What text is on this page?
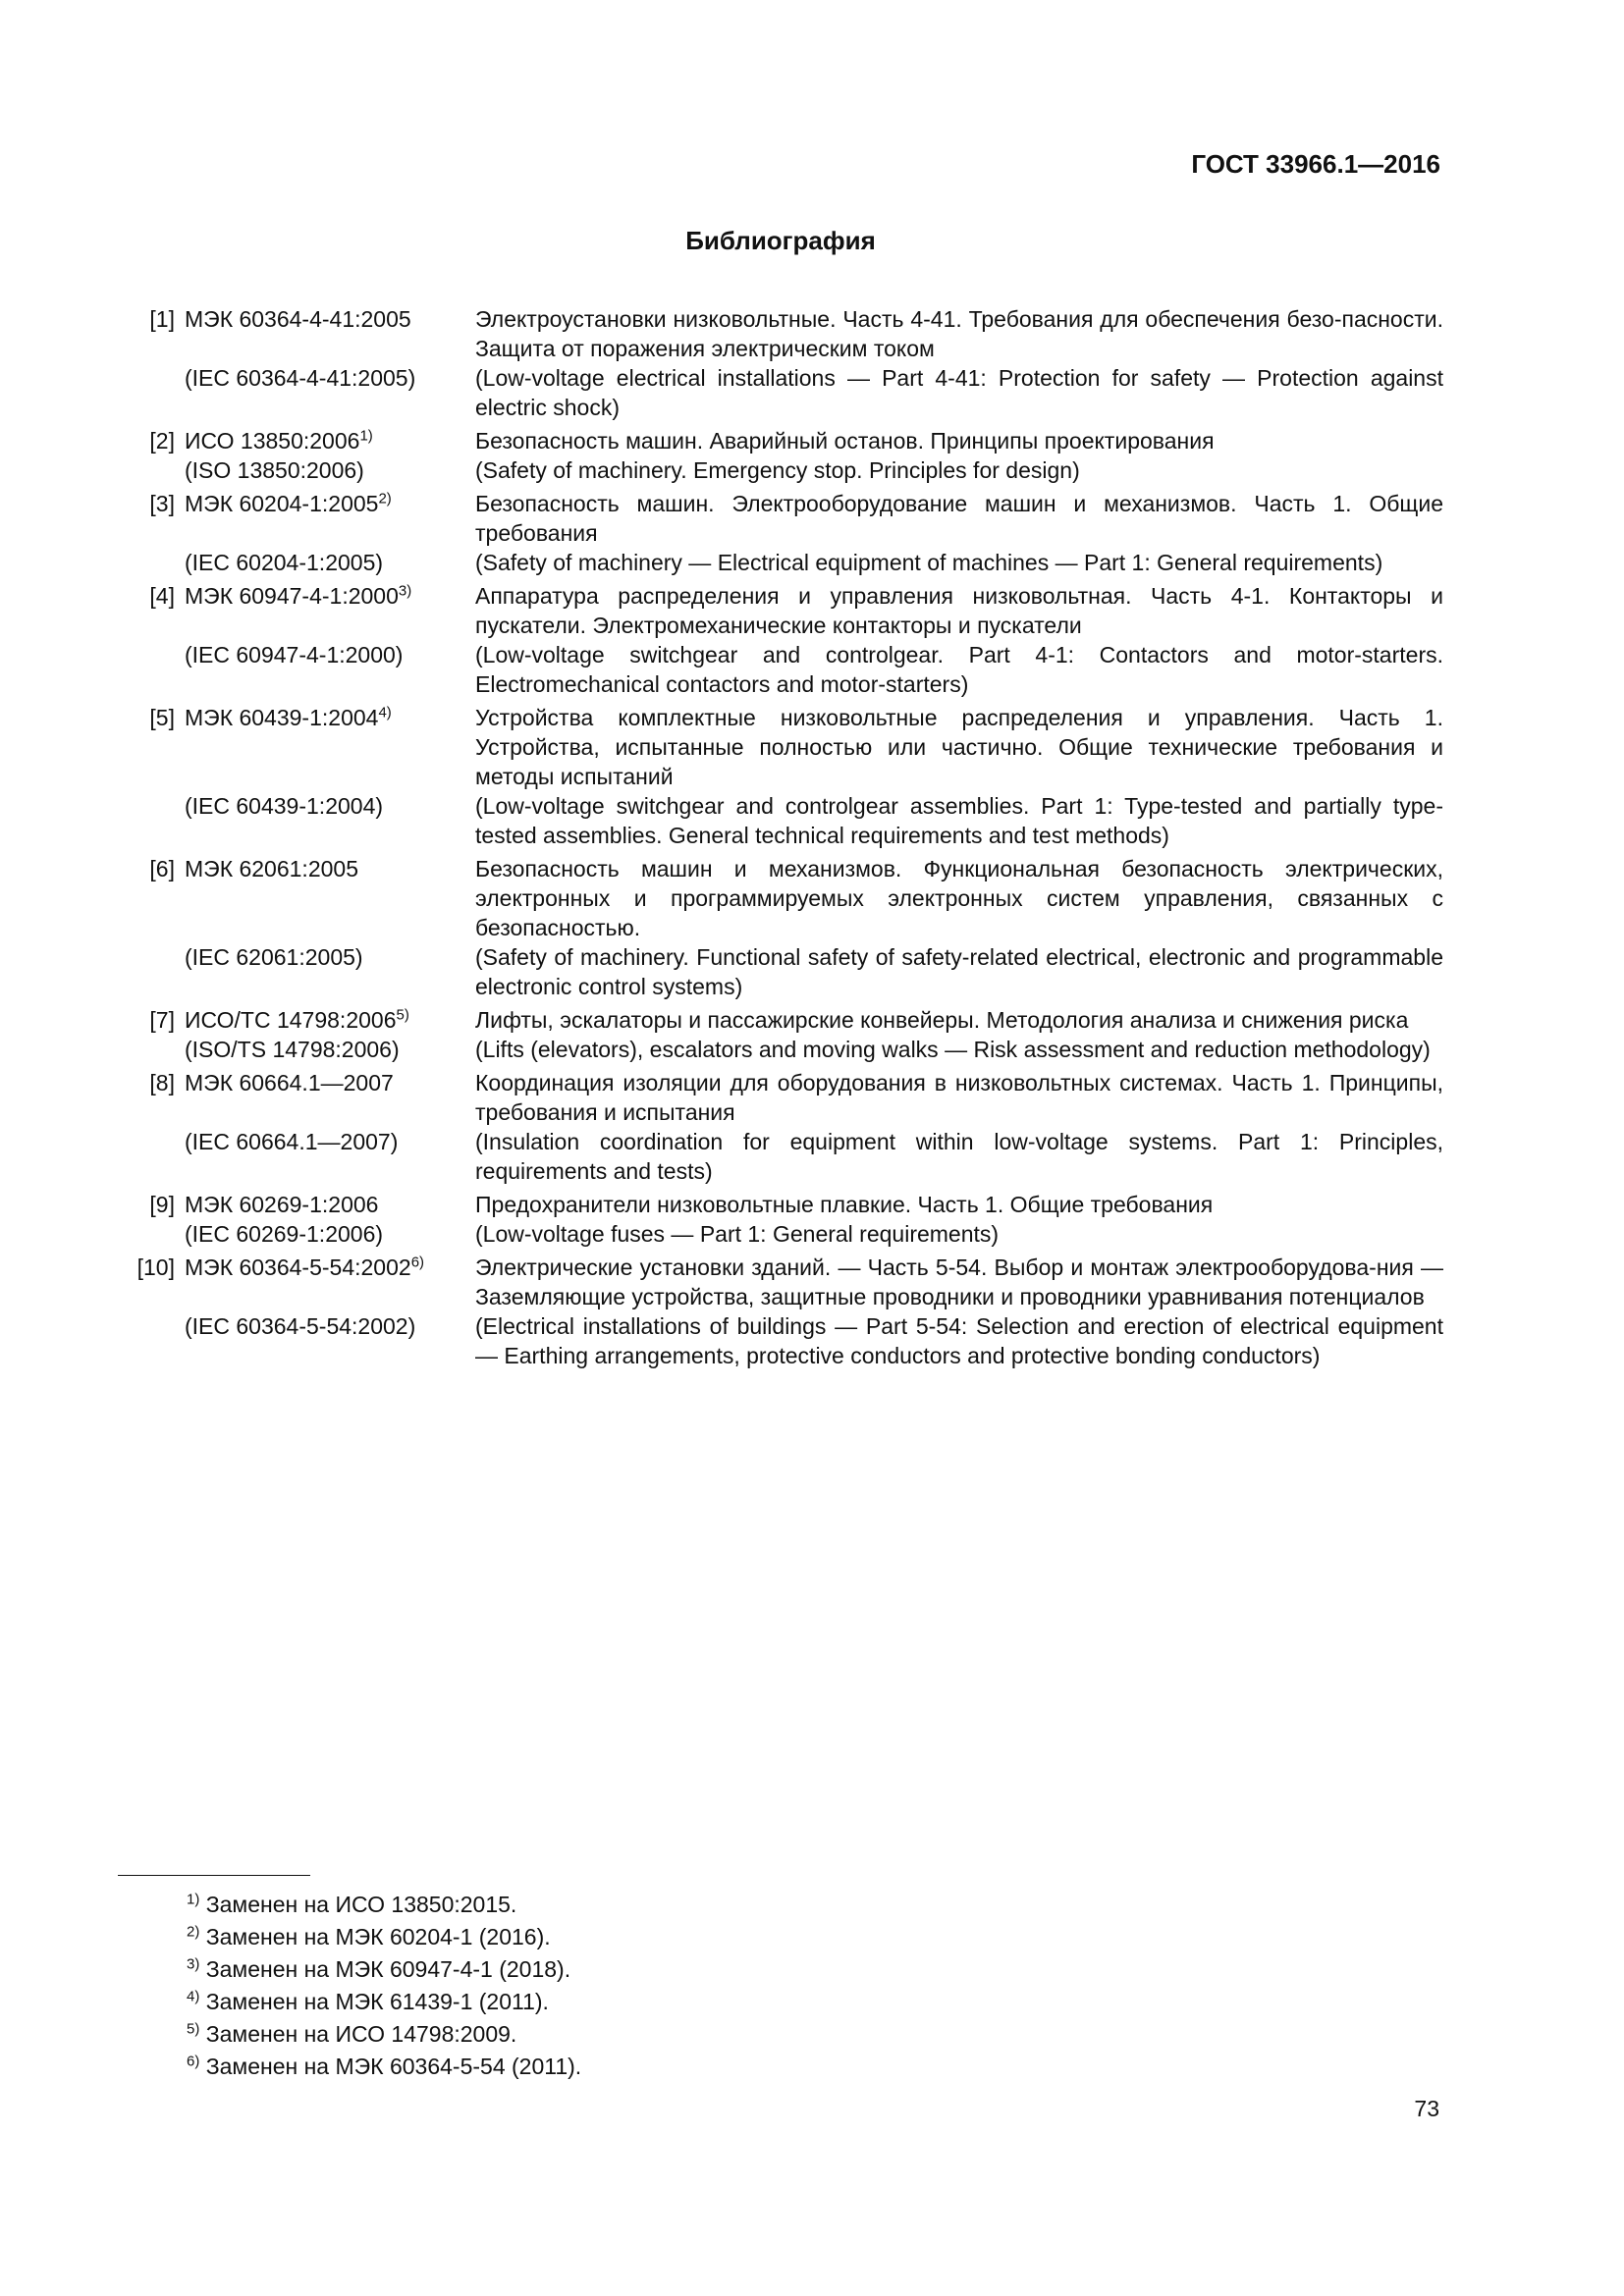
ГОСТ 33966.1—2016
Библиография
[1] МЭК 60364-4-41:2005	Электроустановки низковольтные. Часть 4-41. Требования для обеспечения безо-пасности. Защита от поражения электрическим током
(IEC 60364-4-41:2005)	(Low-voltage electrical installations — Part 4-41: Protection for safety — Protection against electric shock)
[2] ИСО 13850:2006$^{1)}$	Безопасность машин. Аварийный останов. Принципы проектирования
(ISO 13850:2006)	(Safety of machinery. Emergency stop. Principles for design)
[3] МЭК 60204-1:2005$^{2)}$	Безопасность машин. Электрооборудование машин и механизмов. Часть 1. Общие требования
(IEC 60204-1:2005)	(Safety of machinery — Electrical equipment of machines — Part 1: General requirements)
[4] МЭК 60947-4-1:2000$^{3)}$	Аппаратура распределения и управления низковольтная. Часть 4-1. Контакторы и пускатели. Электромеханические контакторы и пускатели
(IEC 60947-4-1:2000)	(Low-voltage switchgear and controlgear. Part 4-1: Contactors and motor-starters. Electromechanical contactors and motor-starters)
[5] МЭК 60439-1:2004$^{4)}$	Устройства комплектные низковольтные распределения и управления. Часть 1. Устройства, испытанные полностью или частично. Общие технические требования и методы испытаний
(IEC 60439-1:2004)	(Low-voltage switchgear and controlgear assemblies. Part 1: Type-tested and partially type-tested assemblies. General technical requirements and test methods)
[6] МЭК 62061:2005	Безопасность машин и механизмов. Функциональная безопасность электрических, электронных и программируемых электронных систем управления, связанных с безопасностью.
(IEC 62061:2005)	(Safety of machinery. Functional safety of safety-related electrical, electronic and programmable electronic control systems)
[7] ИСО/ТС 14798:2006$^{5)}$	Лифты, эскалаторы и пассажирские конвейеры. Методология анализа и снижения риска
(ISO/TS 14798:2006)	(Lifts (elevators), escalators and moving walks — Risk assessment and reduction methodology)
[8] МЭК 60664.1—2007	Координация изоляции для оборудования в низковольтных системах. Часть 1. Принципы, требования и испытания
(IEC 60664.1—2007)	(Insulation coordination for equipment within low-voltage systems. Part 1: Principles, requirements and tests)
[9] МЭК 60269-1:2006	Предохранители низковольтные плавкие. Часть 1. Общие требования
(IEC 60269-1:2006)	(Low-voltage fuses — Part 1: General requirements)
[10] МЭК 60364-5-54:2002$^{6)}$	Электрические установки зданий. — Часть 5-54. Выбор и монтаж электрооборудова-ния — Заземляющие устройства, защитные проводники и проводники уравнивания потенциалов
(IEC 60364-5-54:2002)	(Electrical installations of buildings — Part 5-54: Selection and erection of electrical equipment — Earthing arrangements, protective conductors and protective bonding conductors)
$^{1)}$ Заменен на ИСО 13850:2015.
$^{2)}$ Заменен на МЭК 60204-1 (2016).
$^{3)}$ Заменен на МЭК 60947-4-1 (2018).
$^{4)}$ Заменен на МЭК 61439-1 (2011).
$^{5)}$ Заменен на ИСО 14798:2009.
$^{6)}$ Заменен на МЭК 60364-5-54 (2011).
73
